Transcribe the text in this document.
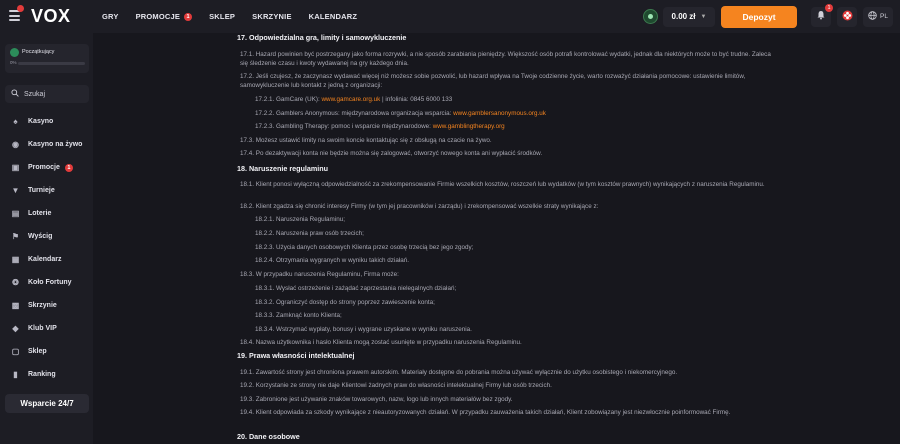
VOX	GRY PROMOCJE	1	SKLEP SKRZYNIE KALENDARZ	0.00 zł ▼	Depozyt
1
PL
Początkujący
0%
Szukaj
♠	Kasyno
◉ Kasyno na żywo
▣ Promocje	1
▼ Turnieje
▤ Loterie
⚑ Wyścig
▦ Kalendarz
❂ Koło Fortuny
▩ Skrzynie
◆ Klub VIP
▢ Sklep
▮	Ranking
Wsparcie 24/7
17. Odpowiedzialna gra, limity i samowykluczenie

17.1. Hazard powinien być postrzegany jako forma rozrywki, a nie sposób zarabiania pieniędzy. Większość osób potrafi kontrolować wydatki, jednak dla niektórych może to być trudne. Zaleca się śledzenie czasu i kwoty wydawanej na gry każdego dnia.

17.2. Jeśli czujesz, że zaczynasz wydawać więcej niż możesz sobie pozwolić, lub hazard wpływa na Twoje codzienne życie, warto rozważyć działania pomocowe: ustawienie limitów, samowykluczenie lub kontakt z jedną z organizacji:

17.2.1. GamCare (UK): www.gamcare.org.uk | infolinia: 0845 6000 133

17.2.2. Gamblers Anonymous: międzynarodowa organizacja wsparcia: www.gamblersanonymous.org.uk

17.2.3. Gambling Therapy: pomoc i wsparcie międzynarodowe: www.gamblingtherapy.org

17.3. Możesz ustawić limity na swoim koncie kontaktując się z obsługą na czacie na żywo.

17.4. Po dezaktywacji konta nie będzie można się zalogować, otworzyć nowego konta ani wypłacić środków.

18. Naruszenie regulaminu

18.1. Klient ponosi wyłączną odpowiedzialność za zrekompensowanie Firmie wszelkich kosztów, roszczeń lub wydatków (w tym kosztów prawnych) wynikających z naruszenia Regulaminu.

18.2. Klient zgadza się chronić interesy Firmy (w tym jej pracowników i zarządu) i zrekompensować wszelkie straty wynikające z:

18.2.1. Naruszenia Regulaminu;

18.2.2. Naruszenia praw osób trzecich;

18.2.3. Użycia danych osobowych Klienta przez osobę trzecią bez jego zgody;

18.2.4. Otrzymania wygranych w wyniku takich działań.

18.3. W przypadku naruszenia Regulaminu, Firma może:

18.3.1. Wysłać ostrzeżenie i zażądać zaprzestania nielegalnych działań;

18.3.2. Ograniczyć dostęp do strony poprzez zawieszenie konta;

18.3.3. Zamknąć konto Klienta;

18.3.4. Wstrzymać wypłaty, bonusy i wygrane uzyskane w wyniku naruszenia.

18.4. Nazwa użytkownika i hasło Klienta mogą zostać usunięte w przypadku naruszenia Regulaminu.

19. Prawa własności intelektualnej

19.1. Zawartość strony jest chroniona prawem autorskim. Materiały dostępne do pobrania można używać wyłącznie do użytku osobistego i niekomercyjnego.

19.2. Korzystanie ze strony nie daje Klientowi żadnych praw do własności intelektualnej Firmy lub osób trzecich.

19.3. Zabronione jest używanie znaków towarowych, nazw, logo lub innych materiałów bez zgody.

19.4. Klient odpowiada za szkody wynikające z nieautoryzowanych działań. W przypadku zauważenia takich działań, Klient zobowiązany jest niezwłocznie poinformować Firmę.

20. Dane osobowe
